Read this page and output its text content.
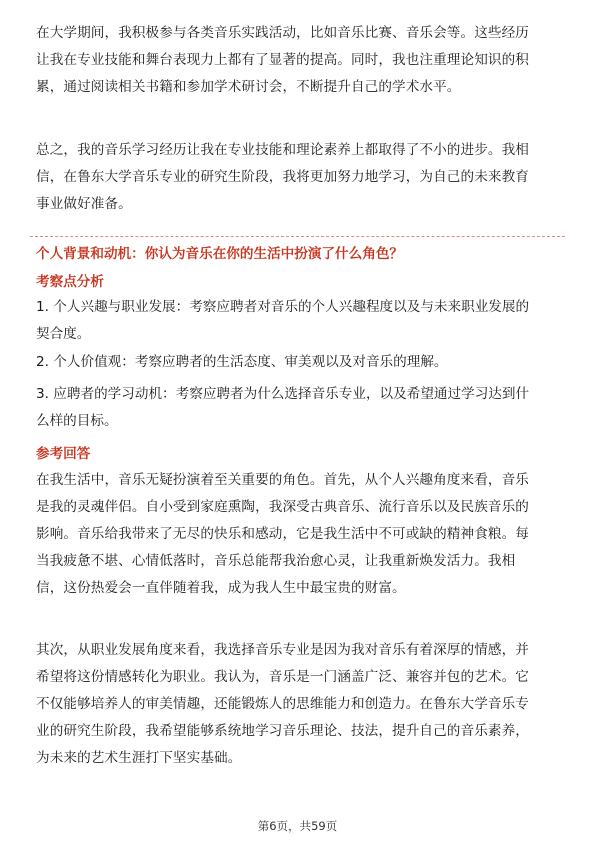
在大学期间，我积极参与各类音乐实践活动，比如音乐比赛、音乐会等。这些经历
让我在专业技能和舞台表现力上都有了显著的提高。同时，我也注重理论知识的积
累，通过阅读相关书籍和参加学术研讨会，不断提升自己的学术水平。
总之，我的音乐学习经历让我在专业技能和理论素养上都取得了不小的进步。我相
信，在鲁东大学音乐专业的研究生阶段，我将更加努力地学习，为自己的未来教育
事业做好准备。
个人背景和动机：你认为音乐在你的生活中扮演了什么角色？
考察点分析
1. 个人兴趣与职业发展：考察应聘者对音乐的个人兴趣程度以及与未来职业发展的
契合度。
2. 个人价值观：考察应聘者的生活态度、审美观以及对音乐的理解。
3. 应聘者的学习动机：考察应聘者为什么选择音乐专业，以及希望通过学习达到什
么样的目标。
参考回答
在我生活中，音乐无疑扮演着至关重要的角色。首先，从个人兴趣角度来看，音乐
是我的灵魂伴侣。自小受到家庭熏陶，我深受古典音乐、流行音乐以及民族音乐的
影响。音乐给我带来了无尽的快乐和感动，它是我生活中不可或缺的精神食粮。每
当我疲惫不堪、心情低落时，音乐总能帮我治愈心灵，让我重新焕发活力。我相
信，这份热爱会一直伴随着我，成为我人生中最宝贵的财富。
其次，从职业发展角度来看，我选择音乐专业是因为我对音乐有着深厚的情感，并
希望将这份情感转化为职业。我认为，音乐是一门涵盖广泛、兼容并包的艺术。它
不仅能够培养人的审美情趣，还能锻炼人的思维能力和创造力。在鲁东大学音乐专
业的研究生阶段，我希望能够系统地学习音乐理论、技法，提升自己的音乐素养，
为未来的艺术生涯打下坚实基础。
第6页，共59页
